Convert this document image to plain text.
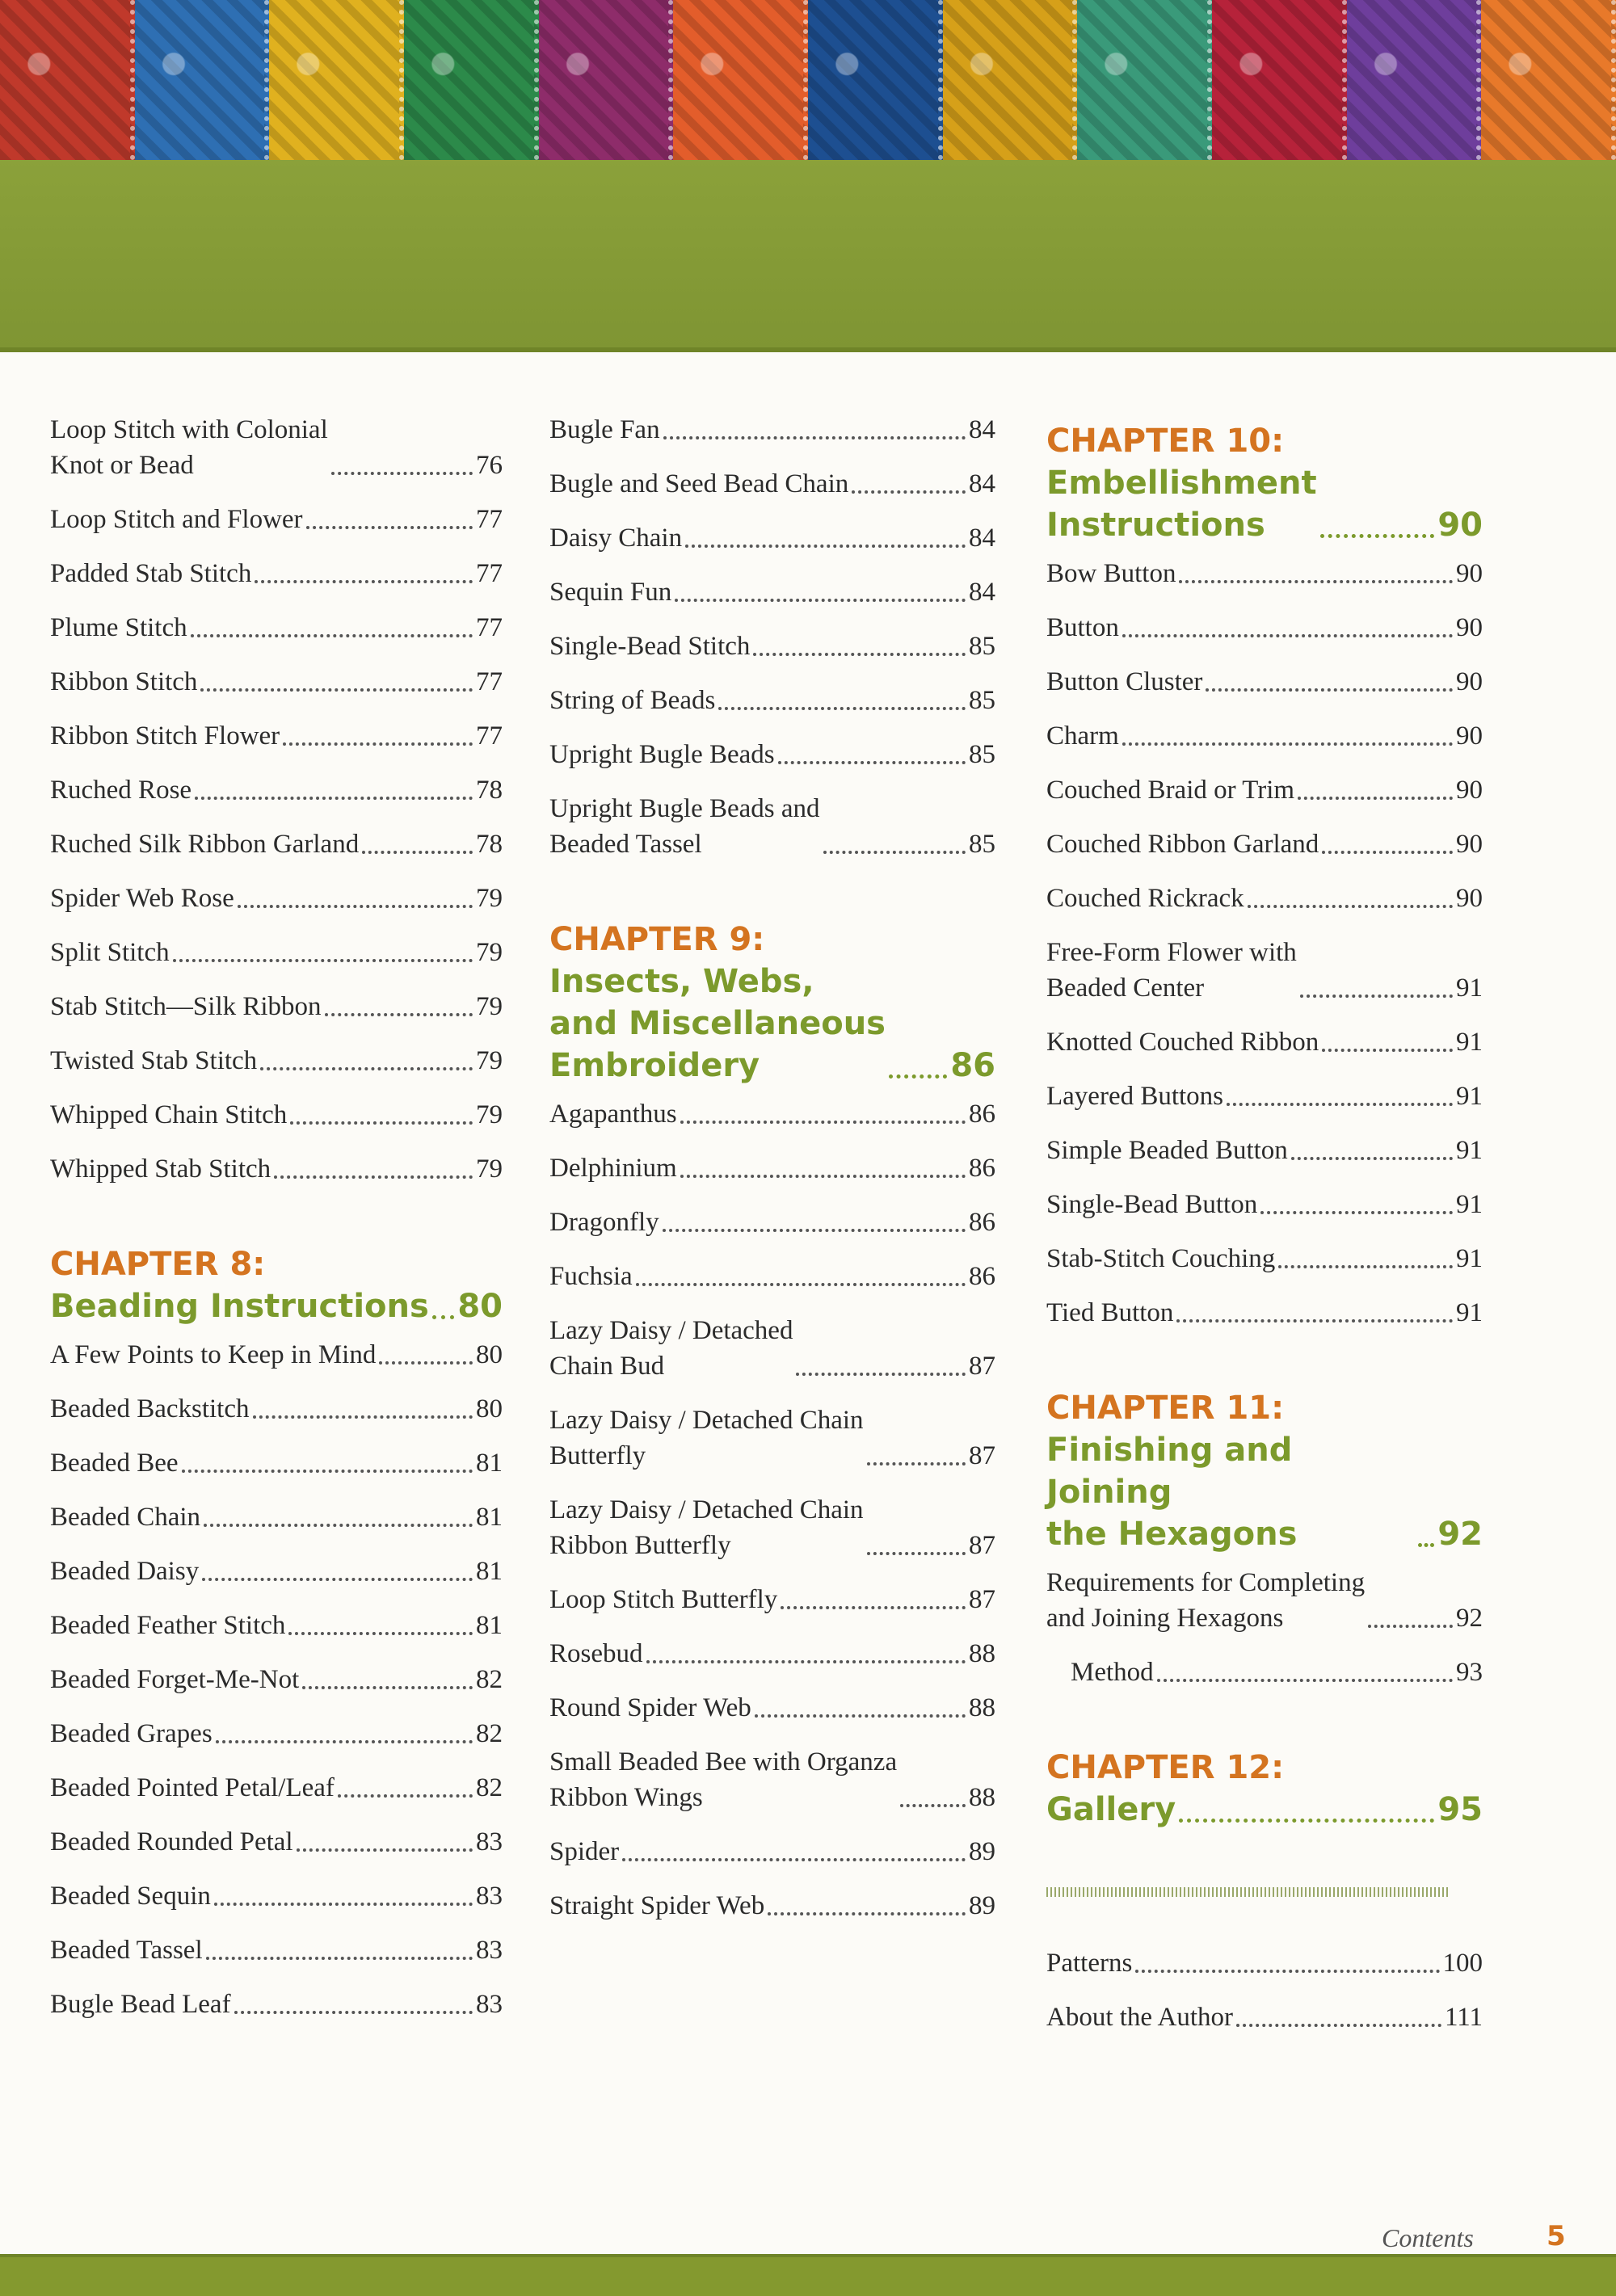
Loop Stitch with Colonial
Knot or Bead	76
Loop Stitch and Flower	77
Padded Stab Stitch	77
Plume Stitch	77
Ribbon Stitch	77
Ribbon Stitch Flower	77
Ruched Rose	78
Ruched Silk Ribbon Garland	78
Spider Web Rose	79
Split Stitch	79
Stab Stitch—Silk Ribbon	79
Twisted Stab Stitch	79
Whipped Chain Stitch	79
Whipped Stab Stitch	79
CHAPTER 8:
Beading Instructions 80
A Few Points to Keep in Mind	80
Beaded Backstitch	80
Beaded Bee	81
Beaded Chain	81
Beaded Daisy	81
Beaded Feather Stitch	81
Beaded Forget-Me-Not	82
Beaded Grapes	82
Beaded Pointed Petal/Leaf	82
Beaded Rounded Petal	83
Beaded Sequin	83
Beaded Tassel	83
Bugle Bead Leaf	83
Bugle Fan	84
Bugle and Seed Bead Chain	84
Daisy Chain	84
Sequin Fun	84
Single-Bead Stitch	85
String of Beads	85
Upright Bugle Beads	85
Upright Bugle Beads and
Beaded Tassel	85
CHAPTER 9:
Insects, Webs,
and Miscellaneous
Embroidery	86
Agapanthus	86
Delphinium	86
Dragonfly	86
Fuchsia	86
Lazy Daisy / Detached
Chain Bud	87
Lazy Daisy / Detached Chain
Butterfly	87
Lazy Daisy / Detached Chain
Ribbon Butterfly	87
Loop Stitch Butterfly	87
Rosebud	88
Round Spider Web	88
Small Beaded Bee with Organza
Ribbon Wings	88
Spider	89
Straight Spider Web	89
CHAPTER 10:
Embellishment
Instructions	90
Bow Button	90
Button	90
Button Cluster	90
Charm	90
Couched Braid or Trim	90
Couched Ribbon Garland	90
Couched Rickrack	90
Free-Form Flower with
Beaded Center	91
Knotted Couched Ribbon	91
Layered Buttons	91
Simple Beaded Button	91
Single-Bead Button	91
Stab-Stitch Couching	91
Tied Button	91
CHAPTER 11:
Finishing and Joining
the Hexagons	92
Requirements for Completing
and Joining Hexagons	92
Method	93
CHAPTER 12:
Gallery	95
Patterns	100
About the Author	111
Contents	5
